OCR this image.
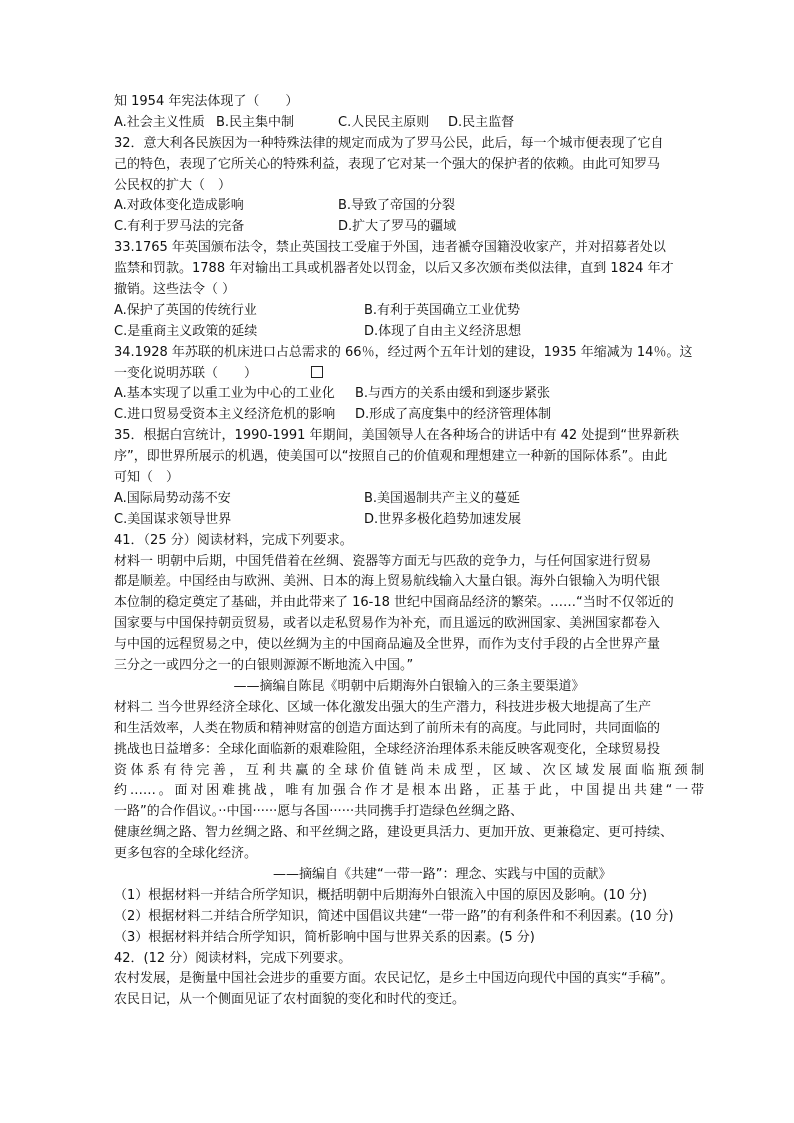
知 1954 年宪法体现了（　　）
A.社会主义性质 B.民主集中制	C.人民民主原则 D.民主监督
32．意大利各民族因为一种特殊法律的规定而成为了罗马公民，此后，每一个城市便表现了它自
己的特色，表现了它所关心的特殊利益，表现了它对某一个强大的保护者的依赖。由此可知罗马
公民权的扩大（　）
A.对政体变化造成影响	B.导致了帝国的分裂
C.有利于罗马法的完备	D.扩大了罗马的疆域
33.1765 年英国颁布法令，禁止英国技工受雇于外国，违者褫夺国籍没收家产，并对招募者处以
监禁和罚款。1788 年对输出工具或机器者处以罚金，以后又多次颁布类似法律，直到 1824 年才
撤销。这些法令（ ）
A.保护了英国的传统行业	B.有利于英国确立工业优势
C.是重商主义政策的延续	D.体现了自由主义经济思想
34.1928 年苏联的机床进口占总需求的 66％，经过两个五年计划的建设，1935 年缩减为 14％。这
一变化说明苏联（　　）
A.基本实现了以重工业为中心的工业化 B.与西方的关系由缓和到逐步紧张
C.进口贸易受资本主义经济危机的影响 D.形成了高度集中的经济管理体制
35．根据白宫统计，1990-1991 年期间，美国领导人在各种场合的讲话中有 42 处提到“世界新秩
序”，即世界所展示的机遇，使美国可以“按照自己的价值观和理想建立一种新的国际体系”。由此
可知（　）
A.国际局势动荡不安	B.美国遏制共产主义的蔓延
C.美国谋求领导世界	D.世界多极化趋势加速发展
41．（25 分）阅读材料，完成下列要求。
材料一 明朝中后期，中国凭借着在丝绸、瓷器等方面无与匹敌的竞争力，与任何国家进行贸易
都是顺差。中国经由与欧洲、美洲、日本的海上贸易航线输入大量白银。海外白银输入为明代银
本位制的稳定奠定了基础，并由此带来了 16-18 世纪中国商品经济的繁荣。……“当时不仅邻近的
国家要与中国保持朝贡贸易，或者以走私贸易作为补充，而且遥远的欧洲国家、美洲国家都卷入
与中国的远程贸易之中，使以丝绸为主的中国商品遍及全世界，而作为支付手段的占全世界产量
三分之一或四分之一的白银则源源不断地流入中国。”
——摘编自陈昆《明朝中后期海外白银输入的三条主要渠道》
材料二 当今世界经济全球化、区域一体化激发出强大的生产潜力，科技进步极大地提高了生产
和生活效率，人类在物质和精神财富的创造方面达到了前所未有的高度。与此同时，共同面临的
挑战也日益增多：全球化面临新的艰难险阻，全球经济治理体系未能反映客观变化，全球贸易投
资体系有待完善，互利共赢的全球价值链尚未成型，区域、次区域发展面临瓶颈制
约……。面对困难挑战，唯有加强合作才是根本出路，正基于此，中国提出共建“一带
一路”的合作倡议。··中国······愿与各国······共同携手打造绿色丝绸之路、
健康丝绸之路、智力丝绸之路、和平丝绸之路，建设更具活力、更加开放、更兼稳定、更可持续、
更多包容的全球化经济。
——摘编自《共建“一带一路”：理念、实践与中国的贡献》
（1）根据材料一并结合所学知识，概括明朝中后期海外白银流入中国的原因及影响。(10 分)
（2）根据材料二并结合所学知识，简述中国倡议共建“一带一路”的有利条件和不利因素。(10 分)
（3）根据材料并结合所学知识，简析影响中国与世界关系的因素。(5 分)
42．(12 分）阅读材料，完成下列要求。
农村发展，是衡量中国社会进步的重要方面。农民记忆，是乡土中国迈向现代中国的真实“手稿”。
农民日记，从一个侧面见证了农村面貌的变化和时代的变迁。
